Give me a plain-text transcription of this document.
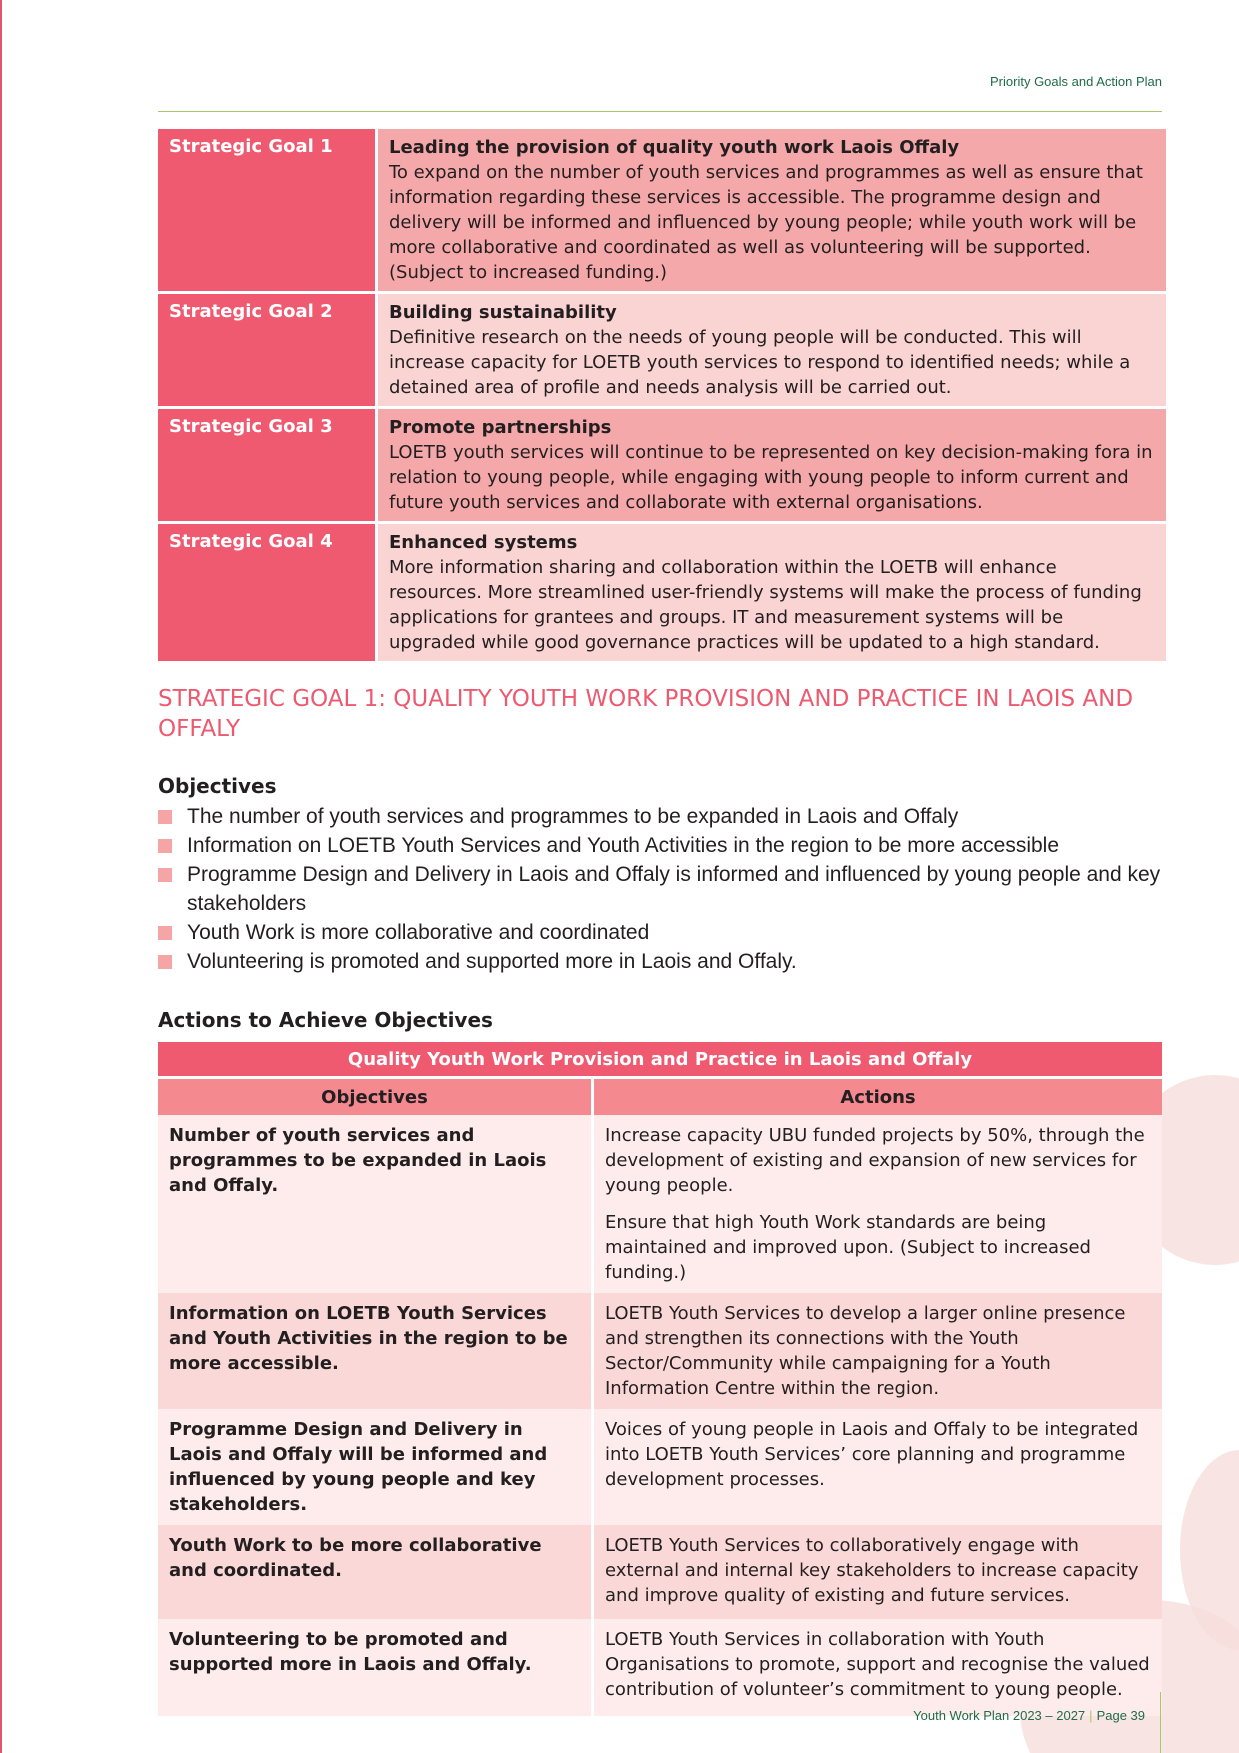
Priority Goals and Action Plan
Strategic Goal 1	Leading the provision of quality youth work Laois Offaly
To expand on the number of youth services and programmes as well as ensure that information regarding these services is accessible. The programme design and delivery will be informed and influenced by young people; while youth work will be more collaborative and coordinated as well as volunteering will be supported. (Subject to increased funding.)

Strategic Goal 2	Building sustainability
Definitive research on the needs of young people will be conducted. This will increase capacity for LOETB youth services to respond to identified needs; while a detained area of profile and needs analysis will be carried out.

Strategic Goal 3	Promote partnerships
LOETB youth services will continue to be represented on key decision-making fora in relation to young people, while engaging with young people to inform current and future youth services and collaborate with external organisations.

Strategic Goal 4	Enhanced systems
More information sharing and collaboration within the LOETB will enhance resources. More streamlined user-friendly systems will make the process of funding applications for grantees and groups. IT and measurement systems will be upgraded while good governance practices will be updated to a high standard.
STRATEGIC GOAL 1: QUALITY YOUTH WORK PROVISION AND PRACTICE IN LAOIS AND OFFALY
Objectives
The number of youth services and programmes to be expanded in Laois and Offaly
Information on LOETB Youth Services and Youth Activities in the region to be more accessible
Programme Design and Delivery in Laois and Offaly is informed and influenced by young people and key stakeholders
Youth Work is more collaborative and coordinated
Volunteering is promoted and supported more in Laois and Offaly.
Actions to Achieve Objectives
Quality Youth Work Provision and Practice in Laois and Offaly	
Objectives	Actions
Number of youth services and programmes to be expanded in Laois and Offaly.	Increase capacity UBU funded projects by 50%, through the development of existing and expansion of new services for young people.

Ensure that high Youth Work standards are being maintained and improved upon. (Subject to increased funding.)

Information on LOETB Youth Services and Youth Activities in the region to be more accessible.	LOETB Youth Services to develop a larger online presence and strengthen its connections with the Youth Sector/Community while campaigning for a Youth Information Centre within the region.

Programme Design and Delivery in Laois and Offaly will be informed and influenced by young people and key stakeholders.	Voices of young people in Laois and Offaly to be integrated into LOETB Youth Services’ core planning and programme development processes.

Youth Work to be more collaborative and coordinated.	LOETB Youth Services to collaboratively engage with external and internal key stakeholders to increase capacity and improve quality of existing and future services.

Volunteering to be promoted and supported more in Laois and Offaly.	LOETB Youth Services in collaboration with Youth Organisations to promote, support and recognise the valued contribution of volunteer’s commitment to young people.

Youth Work Plan 2023 – 2027 | Page 39
